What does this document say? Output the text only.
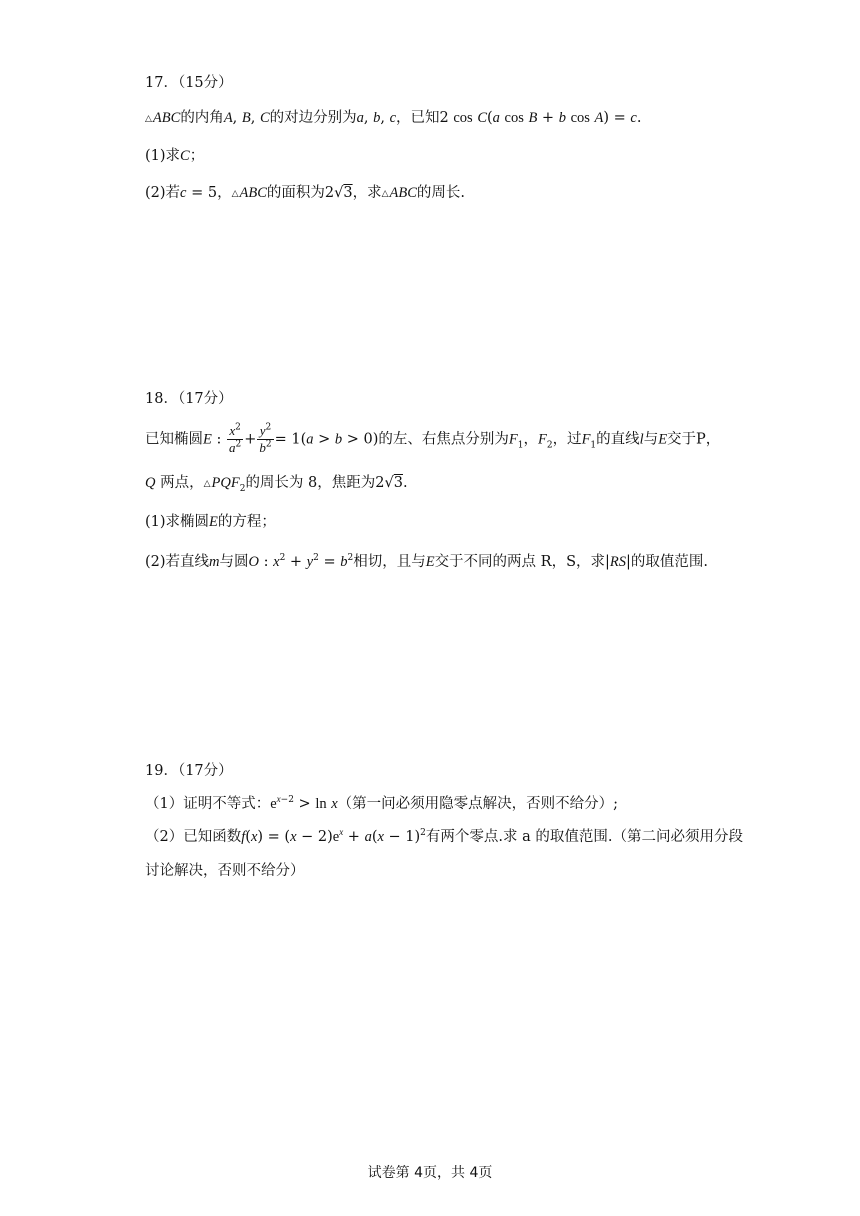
17．（15分）
△ABC的内角A, B, C的对边分别为a, b, c，已知2 cos C(a cos B + b cos A) = c.
(1)求C；
(2)若c = 5，△ABC的面积为2√3，求△ABC的周长.
18．（17分）
已知椭圆E : $\frac{x^2}{a^2} + \frac{y^2}{b^2} = 1(a > b > 0)$的左、右焦点分别为$F_1$，$F_2$，过$F_1$的直线l与E交于P，
Q 两点，$\triangle PQF_2$的周长为 8，焦距为2√3.
(1)求椭圆E的方程；
(2)若直线m与圆O : $x^2 + y^2 = b^2$相切，且与E交于不同的两点 R，S，求|RS|的取值范围.
19．（17分）
（1）证明不等式：$e^{x-2} > \ln x$（第一问必须用隐零点解决，否则不给分）;
（2）已知函数$f(x) = (x - 2)e^x + a(x - 1)^2$有两个零点.求 a 的取值范围.（第二问必须用分段
讨论解决，否则不给分）
试卷第 4页，共 4页
